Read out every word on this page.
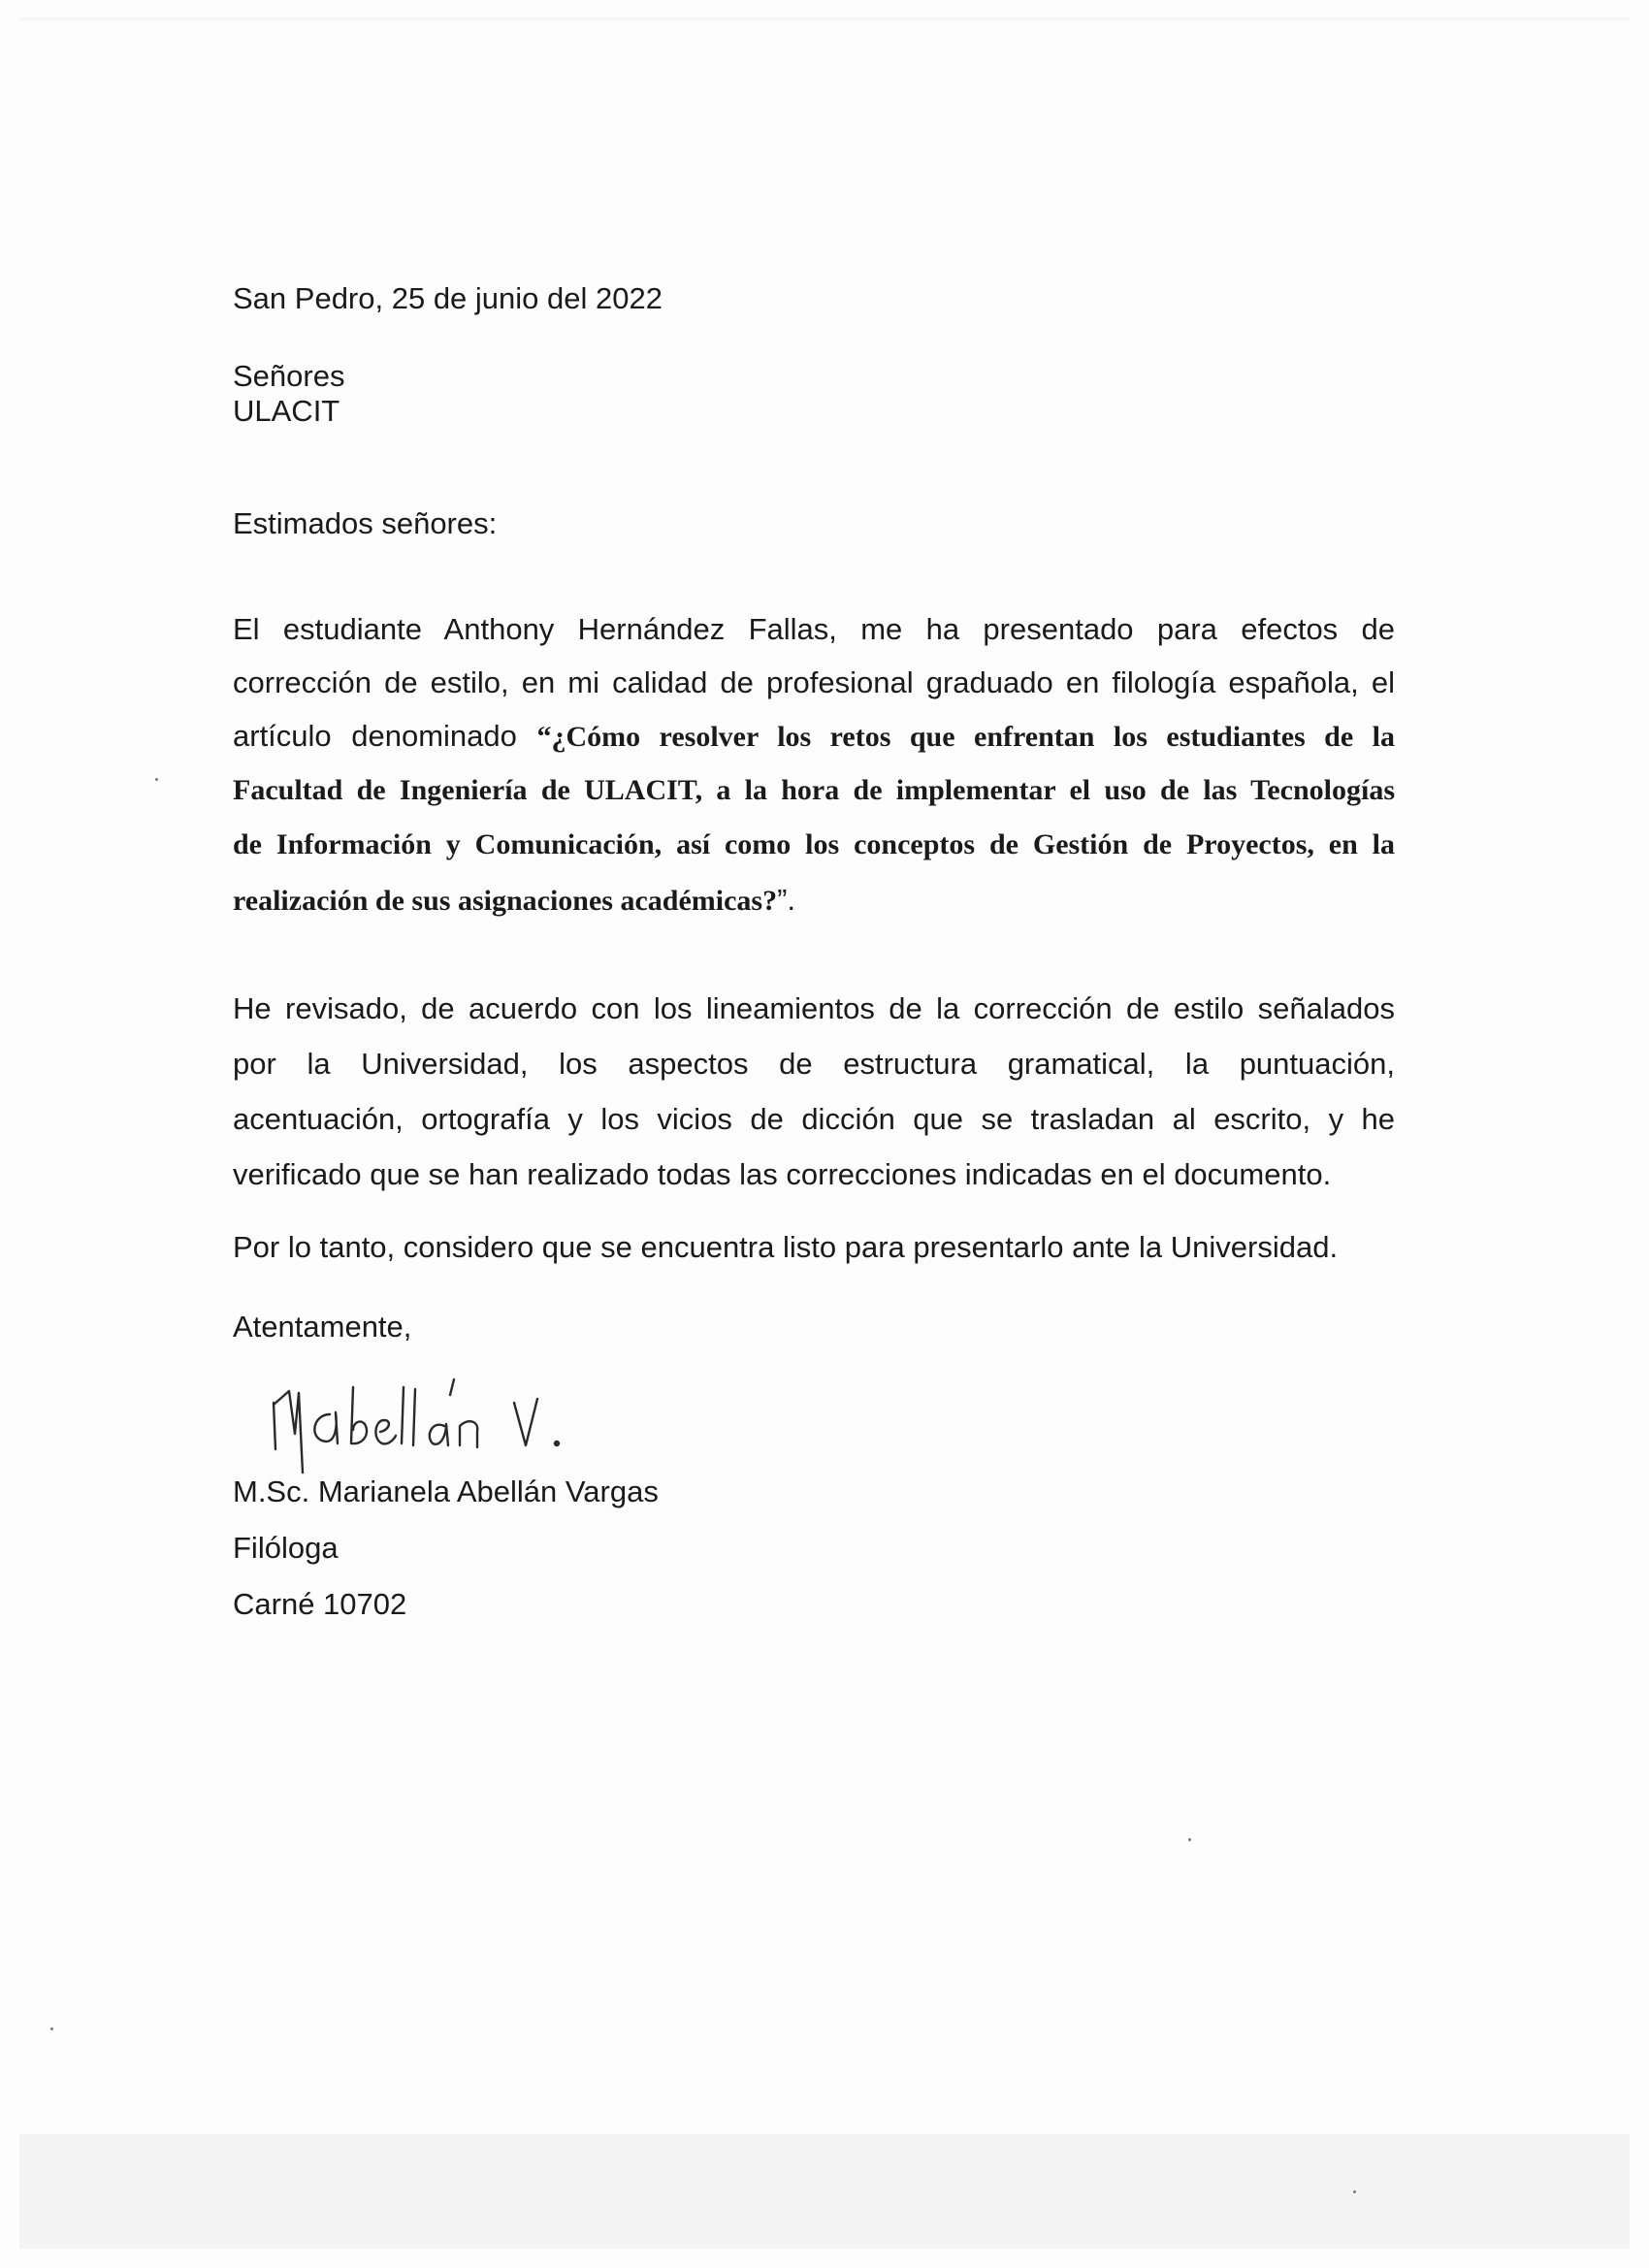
San Pedro, 25 de junio del 2022
Señores
ULACIT
Estimados señores:
El estudiante Anthony Hernández Fallas, me ha presentado para efectos de
corrección de estilo, en mi calidad de profesional graduado en filología española, el
artículo denominado “¿Cómo resolver los retos que enfrentan los estudiantes de la
Facultad de Ingeniería de ULACIT, a la hora de implementar el uso de las Tecnologías
de Información y Comunicación, así como los conceptos de Gestión de Proyectos, en la
realización de sus asignaciones académicas?”.
He revisado, de acuerdo con los lineamientos de la corrección de estilo señalados
por la Universidad, los aspectos de estructura gramatical, la puntuación,
acentuación, ortografía y los vicios de dicción que se trasladan al escrito, y he
verificado que se han realizado todas las correcciones indicadas en el documento.
Por lo tanto, considero que se encuentra listo para presentarlo ante la Universidad.
Atentamente,
M.Sc. Marianela Abellán Vargas
Filóloga
Carné 10702
